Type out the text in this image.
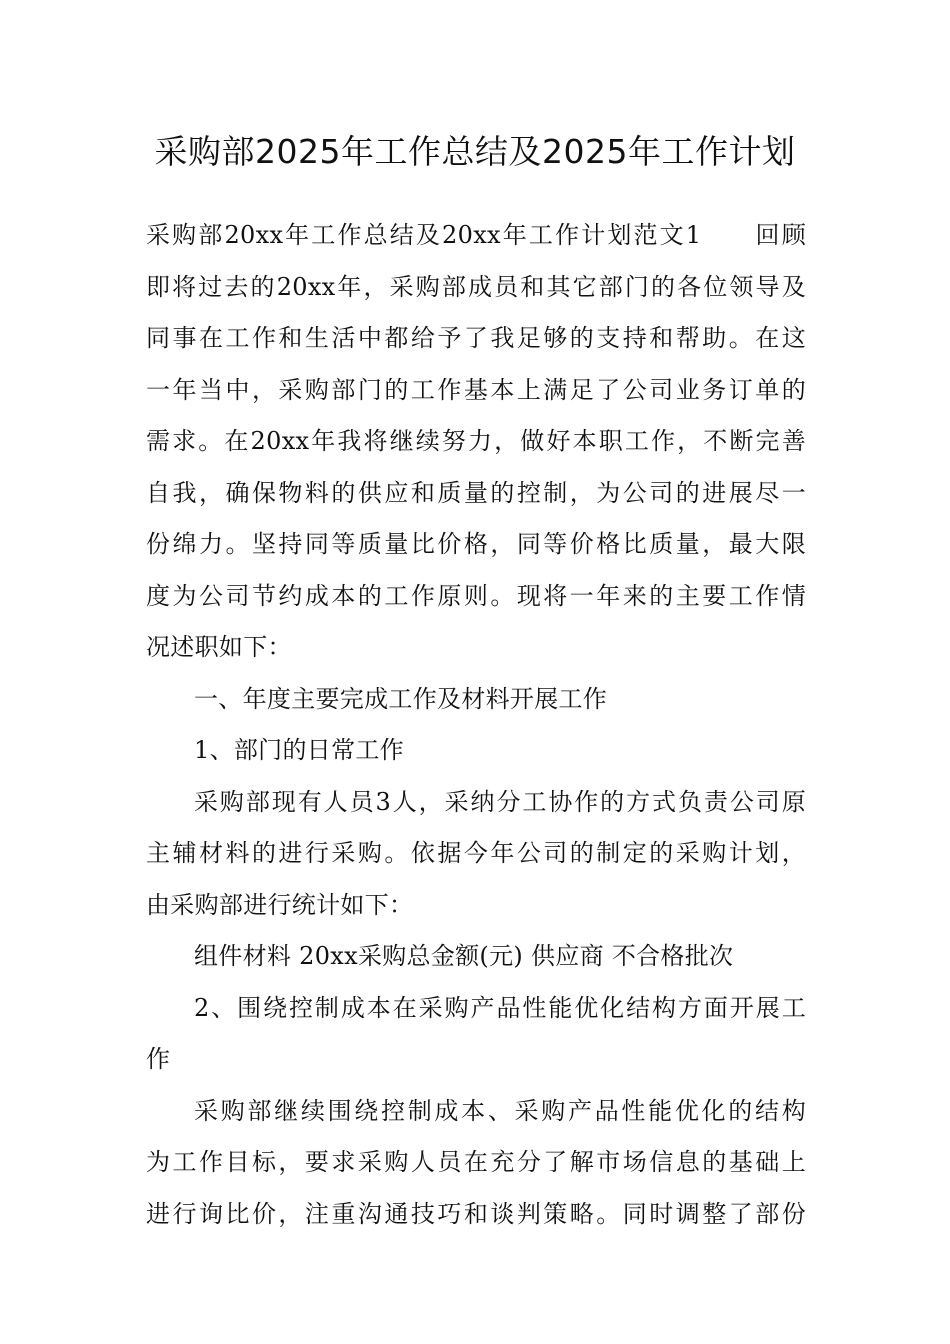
采购部2025年工作总结及2025年工作计划
采购部20xx年工作总结及20xx年工作计划范文1　　回顾
即将过去的20xx年，采购部成员和其它部门的各位领导及
同事在工作和生活中都给予了我足够的支持和帮助。在这
一年当中，采购部门的工作基本上满足了公司业务订单的
需求。在20xx年我将继续努力，做好本职工作，不断完善
自我，确保物料的供应和质量的控制，为公司的进展尽一
份绵力。坚持同等质量比价格，同等价格比质量，最大限
度为公司节约成本的工作原则。现将一年来的主要工作情
况述职如下：
一、年度主要完成工作及材料开展工作
1、部门的日常工作
采购部现有人员3人，采纳分工协作的方式负责公司原
主辅材料的进行采购。依据今年公司的制定的采购计划，
由采购部进行统计如下：
组件材料 20xx采购总金额(元) 供应商 不合格批次
2、围绕控制成本在采购产品性能优化结构方面开展工
作
采购部继续围绕控制成本、采购产品性能优化的结构
为工作目标，要求采购人员在充分了解市场信息的基础上
进行询比价，注重沟通技巧和谈判策略。同时调整了部份
